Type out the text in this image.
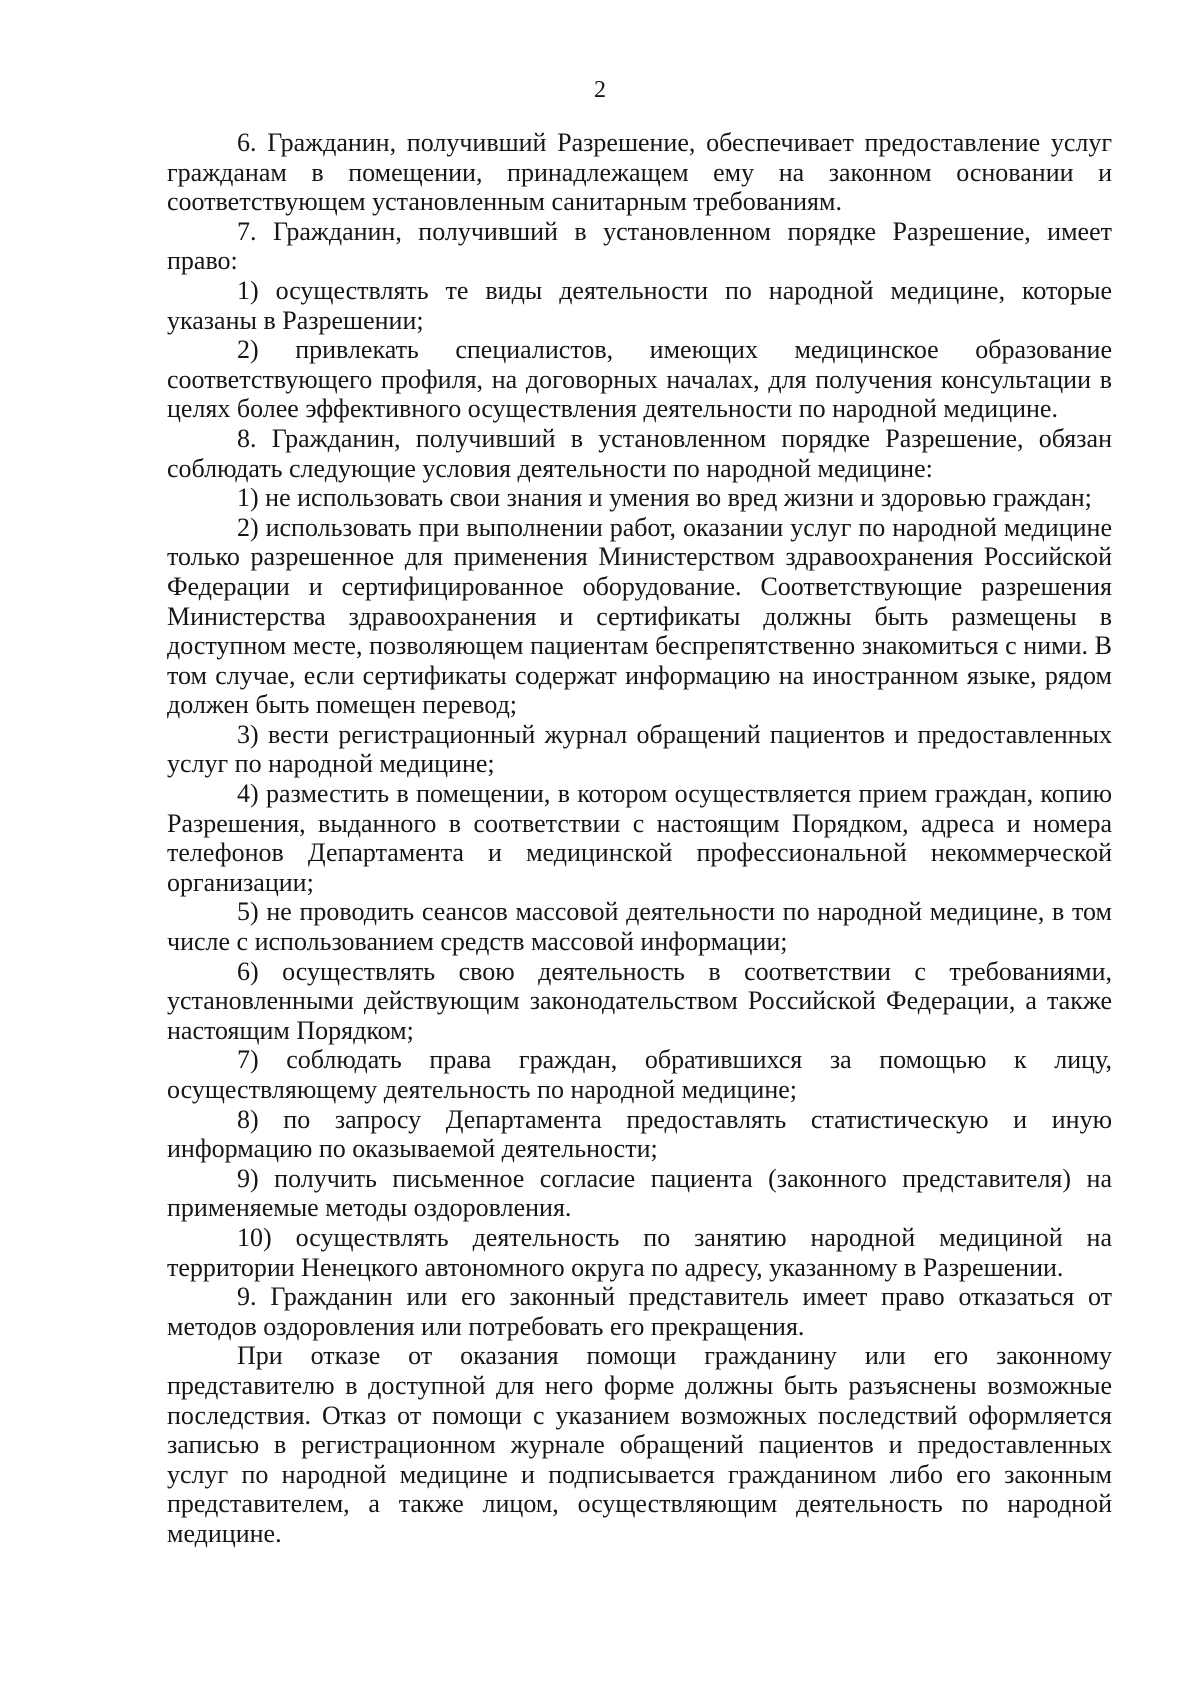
2

6. Гражданин, получивший Разрешение, обеспечивает предоставление услуг гражданам в помещении, принадлежащем ему на законном основании и соответствующем установленным санитарным требованиям.

7. Гражданин, получивший в установленном порядке Разрешение, имеет право:

1) осуществлять те виды деятельности по народной медицине, которые указаны в Разрешении;

2) привлекать специалистов, имеющих медицинское образование соответствующего профиля, на договорных началах, для получения консультации в целях более эффективного осуществления деятельности по народной медицине.

8. Гражданин, получивший в установленном порядке Разрешение, обязан соблюдать следующие условия деятельности по народной медицине:

1) не использовать свои знания и умения во вред жизни и здоровью граждан;

2) использовать при выполнении работ, оказании услуг по народной медицине только разрешенное для применения Министерством здравоохранения Российской Федерации и сертифицированное оборудование. Соответствующие разрешения Министерства здравоохранения и сертификаты должны быть размещены в доступном месте, позволяющем пациентам беспрепятственно знакомиться с ними. В том случае, если сертификаты содержат информацию на иностранном языке, рядом должен быть помещен перевод;

3) вести регистрационный журнал обращений пациентов и предоставленных услуг по народной медицине;

4) разместить в помещении, в котором осуществляется прием граждан, копию Разрешения, выданного в соответствии с настоящим Порядком, адреса и номера телефонов Департамента и медицинской профессиональной некоммерческой организации;

5) не проводить сеансов массовой деятельности по народной медицине, в том числе с использованием средств массовой информации;

6) осуществлять свою деятельность в соответствии с требованиями, установленными действующим законодательством Российской Федерации, а также настоящим Порядком;

7) соблюдать права граждан, обратившихся за помощью к лицу, осуществляющему деятельность по народной медицине;

8) по запросу Департамента предоставлять статистическую и иную информацию по оказываемой деятельности;

9) получить письменное согласие пациента (законного представителя) на применяемые методы оздоровления.

10) осуществлять деятельность по занятию народной медициной на территории Ненецкого автономного округа по адресу, указанному в Разрешении.

9. Гражданин или его законный представитель имеет право отказаться от методов оздоровления или потребовать его прекращения.

При отказе от оказания помощи гражданину или его законному представителю в доступной для него форме должны быть разъяснены возможные последствия. Отказ от помощи с указанием возможных последствий оформляется записью в регистрационном журнале обращений пациентов и предоставленных услуг по народной медицине и подписывается гражданином либо его законным представителем, а также лицом, осуществляющим деятельность по народной медицине.
